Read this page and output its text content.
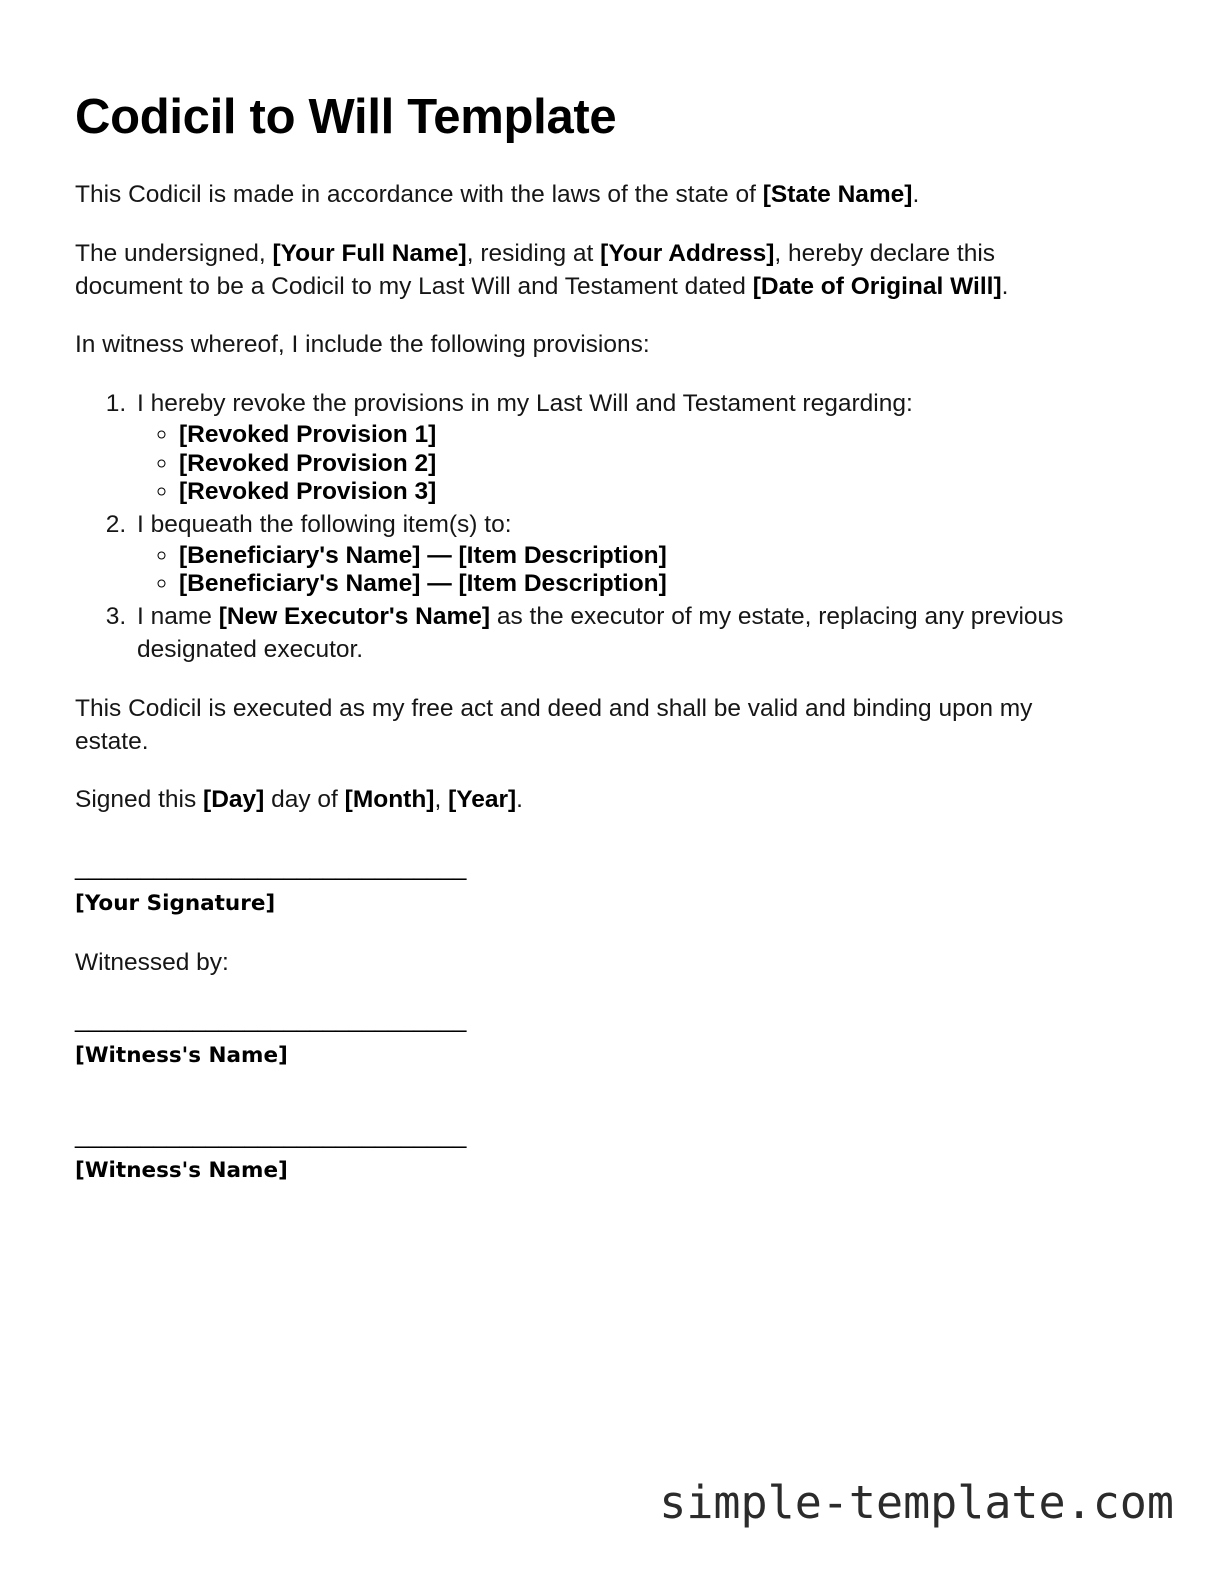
Codicil to Will Template

This Codicil is made in accordance with the laws of the state of [State Name].

The undersigned, [Your Full Name], residing at [Your Address], hereby declare this document to be a Codicil to my Last Will and Testament dated [Date of Original Will].

In witness whereof, I include the following provisions:

1. I hereby revoke the provisions in my Last Will and Testament regarding:
◦ [Revoked Provision 1]
◦ [Revoked Provision 2]
◦ [Revoked Provision 3]
2. I bequeath the following item(s) to:
◦ [Beneficiary's Name] — [Item Description]
◦ [Beneficiary's Name] — [Item Description]
3. I name [New Executor's Name] as the executor of my estate, replacing any previous designated executor.

This Codicil is executed as my free act and deed and shall be valid and binding upon my estate.

Signed this [Day] day of [Month], [Year].

______________________________
[Your Signature]

Witnessed by:

______________________________
[Witness's Name]
______________________________
[Witness's Name]
simple-template.com
